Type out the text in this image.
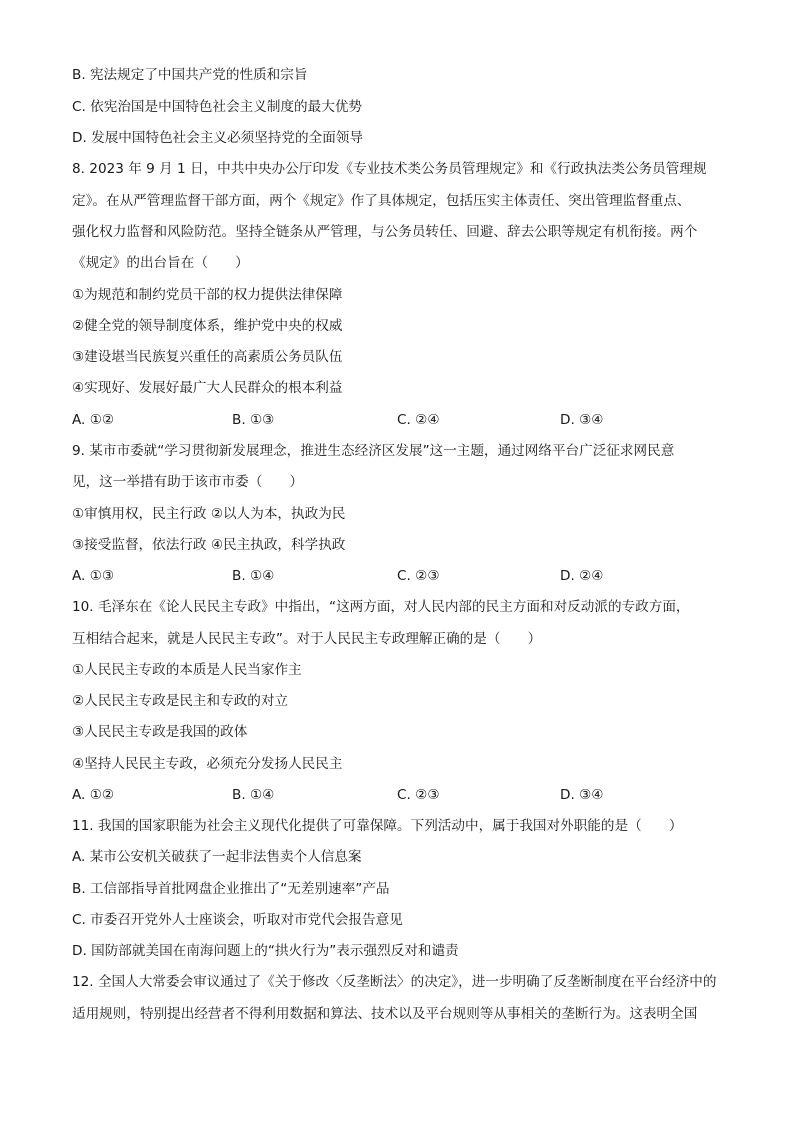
B. 宪法规定了中国共产党的性质和宗旨
C. 依宪治国是中国特色社会主义制度的最大优势
D. 发展中国特色社会主义必须坚持党的全面领导
8. 2023 年 9 月 1 日，中共中央办公厅印发《专业技术类公务员管理规定》和《行政执法类公务员管理规
定》。在从严管理监督干部方面，两个《规定》作了具体规定，包括压实主体责任、突出管理监督重点、
强化权力监督和风险防范。坚持全链条从严管理，与公务员转任、回避、辞去公职等规定有机衔接。两个
《规定》的出台旨在（　　）
①为规范和制约党员干部的权力提供法律保障
②健全党的领导制度体系，维护党中央的权威
③建设堪当民族复兴重任的高素质公务员队伍
④实现好、发展好最广大人民群众的根本利益
A. ①②	B. ①③	C. ②④	D. ③④
9. 某市市委就“学习贯彻新发展理念，推进生态经济区发展”这一主题，通过网络平台广泛征求网民意
见，这一举措有助于该市市委（　　）
①审慎用权，民主行政 ②以人为本，执政为民
③接受监督，依法行政 ④民主执政，科学执政
A. ①③	B. ①④	C. ②③	D. ②④
10. 毛泽东在《论人民民主专政》中指出，“这两方面，对人民内部的民主方面和对反动派的专政方面，
互相结合起来，就是人民民主专政”。对于人民民主专政理解正确的是（　　）
①人民民主专政的本质是人民当家作主
②人民民主专政是民主和专政的对立
③人民民主专政是我国的政体
④坚持人民民主专政，必须充分发扬人民民主
A. ①②	B. ①④	C. ②③	D. ③④
11. 我国的国家职能为社会主义现代化提供了可靠保障。下列活动中，属于我国对外职能的是（　　）
A. 某市公安机关破获了一起非法售卖个人信息案
B. 工信部指导首批网盘企业推出了“无差别速率”产品
C. 市委召开党外人士座谈会，听取对市党代会报告意见
D. 国防部就美国在南海问题上的“拱火行为”表示强烈反对和谴责
12. 全国人大常委会审议通过了《关于修改〈反垄断法〉的决定》，进一步明确了反垄断制度在平台经济中的
适用规则，特别提出经营者不得利用数据和算法、技术以及平台规则等从事相关的垄断行为。这表明全国
